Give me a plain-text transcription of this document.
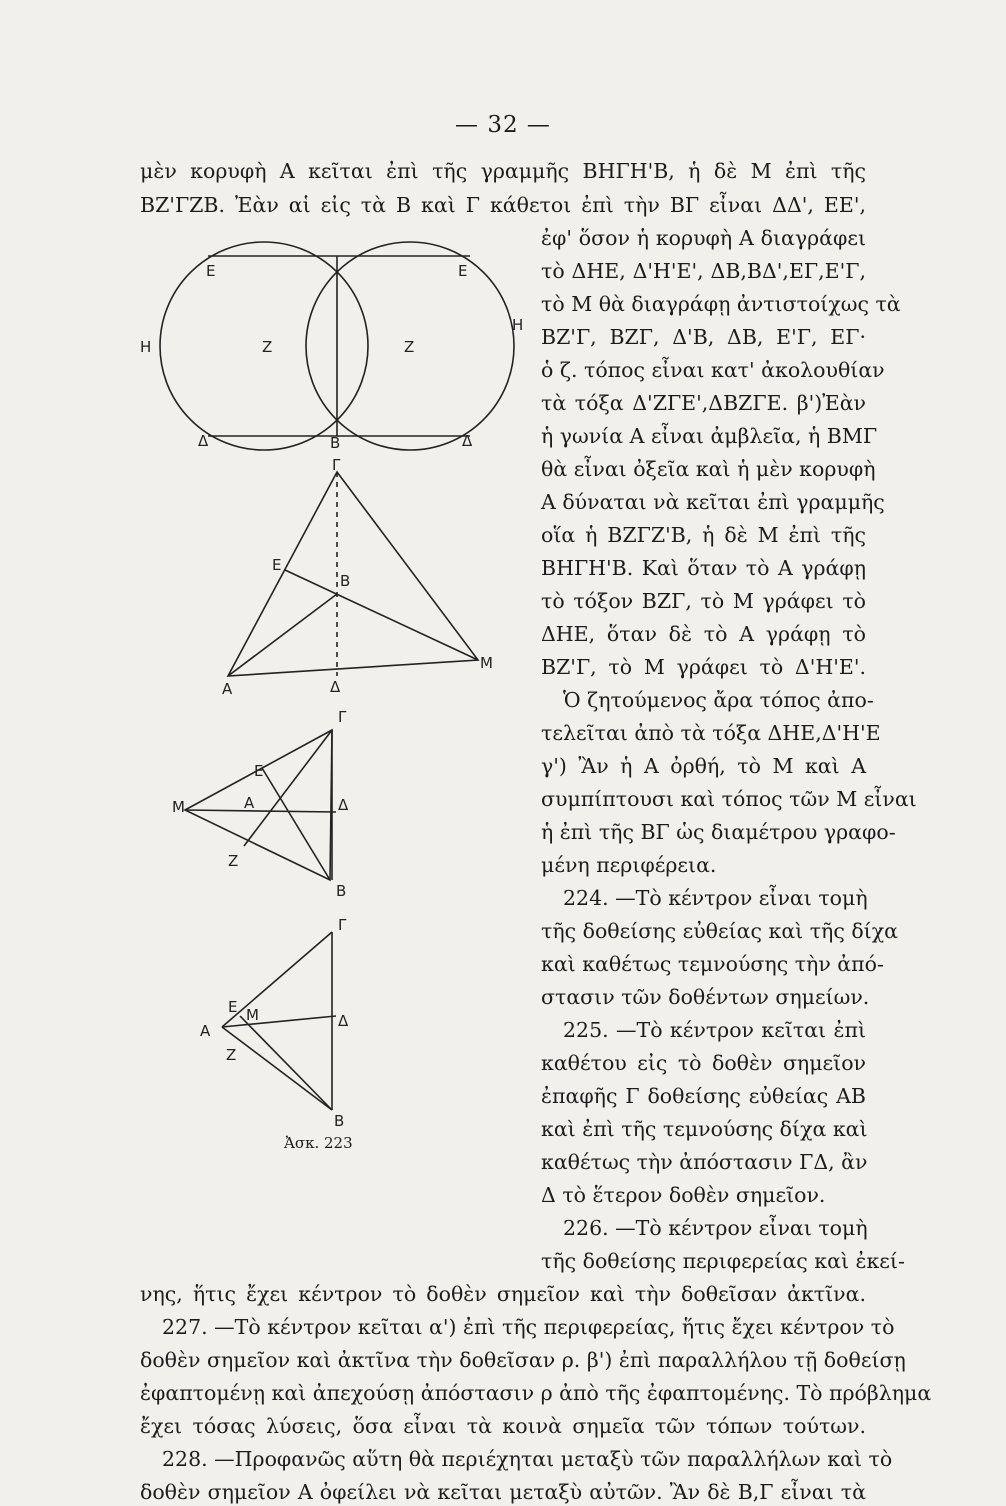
— 32 —
μὲν κορυφὴ Α κεῖται ἐπὶ τῆς γραμμῆς ΒΗΓΗ'Β, ἡ δὲ Μ ἐπὶ τῆς
ΒΖ'ΓΖΒ. Ἐὰν αἱ εἰς τὰ Β καὶ Γ κάθετοι ἐπὶ τὴν ΒΓ εἶναι ΔΔ', ΕΕ',
ἐφ' ὅσον ἡ κορυφὴ Α διαγράφει
τὸ ΔΗΕ, Δ'Η'Ε', ΔΒ,ΒΔ',ΕΓ,Ε'Γ,
τὸ Μ θὰ διαγράφῃ ἀντιστοίχως τὰ
ΒΖ'Γ, ΒΖΓ, Δ'Β, ΔΒ, Ε'Γ, ΕΓ·
ὁ ζ. τόπος εἶναι κατ' ἀκολουθίαν
τὰ τόξα Δ'ΖΓΕ',ΔΒΖΓΕ. β')Ἐὰν
ἡ γωνία Α εἶναι ἀμβλεῖα, ἡ ΒΜΓ
θὰ εἶναι ὀξεῖα καὶ ἡ μὲν κορυφὴ
Α δύναται νὰ κεῖται ἐπὶ γραμμῆς
οἵα ἡ ΒΖΓΖ'Β, ἡ δὲ Μ ἐπὶ τῆς
ΒΗΓΗ'Β. Καὶ ὅταν τὸ Α γράφῃ
τὸ τόξον ΒΖΓ, τὸ Μ γράφει τὸ
ΔΗΕ, ὅταν δὲ τὸ Α γράφῃ τὸ
ΒΖ'Γ, τὸ Μ γράφει τὸ Δ'Η'Ε'.
Ὁ ζητούμενος ἄρα τόπος ἀπο-
τελεῖται ἀπὸ τὰ τόξα ΔΗΕ,Δ'Η'Ε
γ') Ἂν ἡ Α ὀρθή, τὸ Μ καὶ Α
συμπίπτουσι καὶ τόπος τῶν Μ εἶναι
ἡ ἐπὶ τῆς ΒΓ ὡς διαμέτρου γραφο-
μένη περιφέρεια.
224. —Τὸ κέντρον εἶναι τομὴ
τῆς δοθείσης εὐθείας καὶ τῆς δίχα
καὶ καθέτως τεμνούσης τὴν ἀπό-
στασιν τῶν δοθέντων σημείων.
225. —Τὸ κέντρον κεῖται ἐπὶ
καθέτου εἰς τὸ δοθὲν σημεῖον
ἐπαφῆς Γ δοθείσης εὐθείας ΑΒ
καὶ ἐπὶ τῆς τεμνούσης δίχα καὶ
καθέτως τὴν ἀπόστασιν ΓΔ, ἂν
Δ τὸ ἕτερον δοθὲν σημεῖον.
226. —Τὸ κέντρον εἶναι τομὴ
τῆς δοθείσης περιφερείας καὶ ἐκεί-
νης, ἥτις ἔχει κέντρον τὸ δοθὲν σημεῖον καὶ τὴν δοθεῖσαν ἀκτῖνα.
227. —Τὸ κέντρον κεῖται α') ἐπὶ τῆς περιφερείας, ἥτις ἔχει κέντρον τὸ
δοθὲν σημεῖον καὶ ἀκτῖνα τὴν δοθεῖσαν ρ. β') ἐπὶ παραλλήλου τῇ δοθείσῃ
ἐφαπτομένῃ καὶ ἀπεχούσῃ ἀπόστασιν ρ ἀπὸ τῆς ἐφαπτομένης. Τὸ πρόβλημα
ἔχει τόσας λύσεις, ὅσα εἶναι τὰ κοινὰ σημεῖα τῶν τόπων τούτων.
228. —Προφανῶς αὕτη θὰ περιέχηται μεταξὺ τῶν παραλλήλων καὶ τὸ
δοθὲν σημεῖον Α ὀφείλει νὰ κεῖται μεταξὺ αὐτῶν. Ἂν δὲ Β,Γ εἶναι τὰ
Ε	Ε
Η	Ζ	Ζ
Η
Δ	Β	Δ
Γ
Ε
Β
Μ
Α	Δ
Γ
Ε
Μ	Α	Δ
Ζ
Β
Γ
Ε Μ
Α
Δ
Ζ
Β
Ἀσκ. 223
